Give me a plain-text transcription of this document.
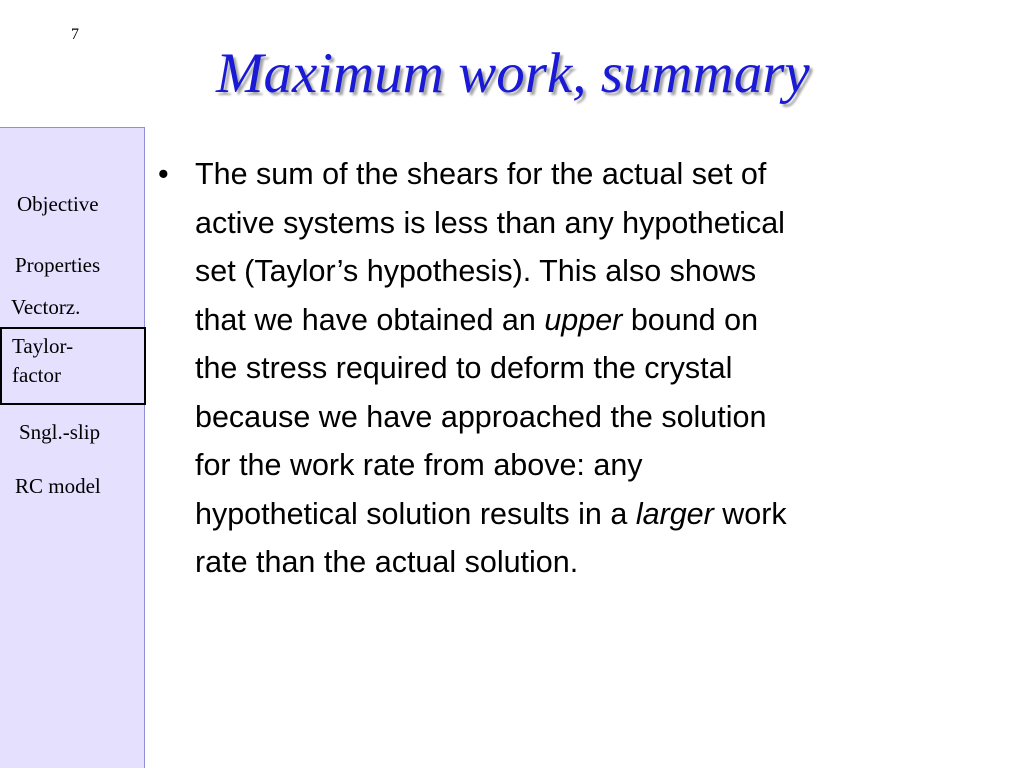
7
Maximum work, summary
Objective
Properties
Vectorz.
Taylor-
factor
Sngl.-slip
RC model
• The sum of the shears for the actual set of
active systems is less than any hypothetical
set (Taylor’s hypothesis). This also shows
that we have obtained an upper bound on
the stress required to deform the crystal
because we have approached the solution
for the work rate from above: any
hypothetical solution results in a larger work
rate than the actual solution.
